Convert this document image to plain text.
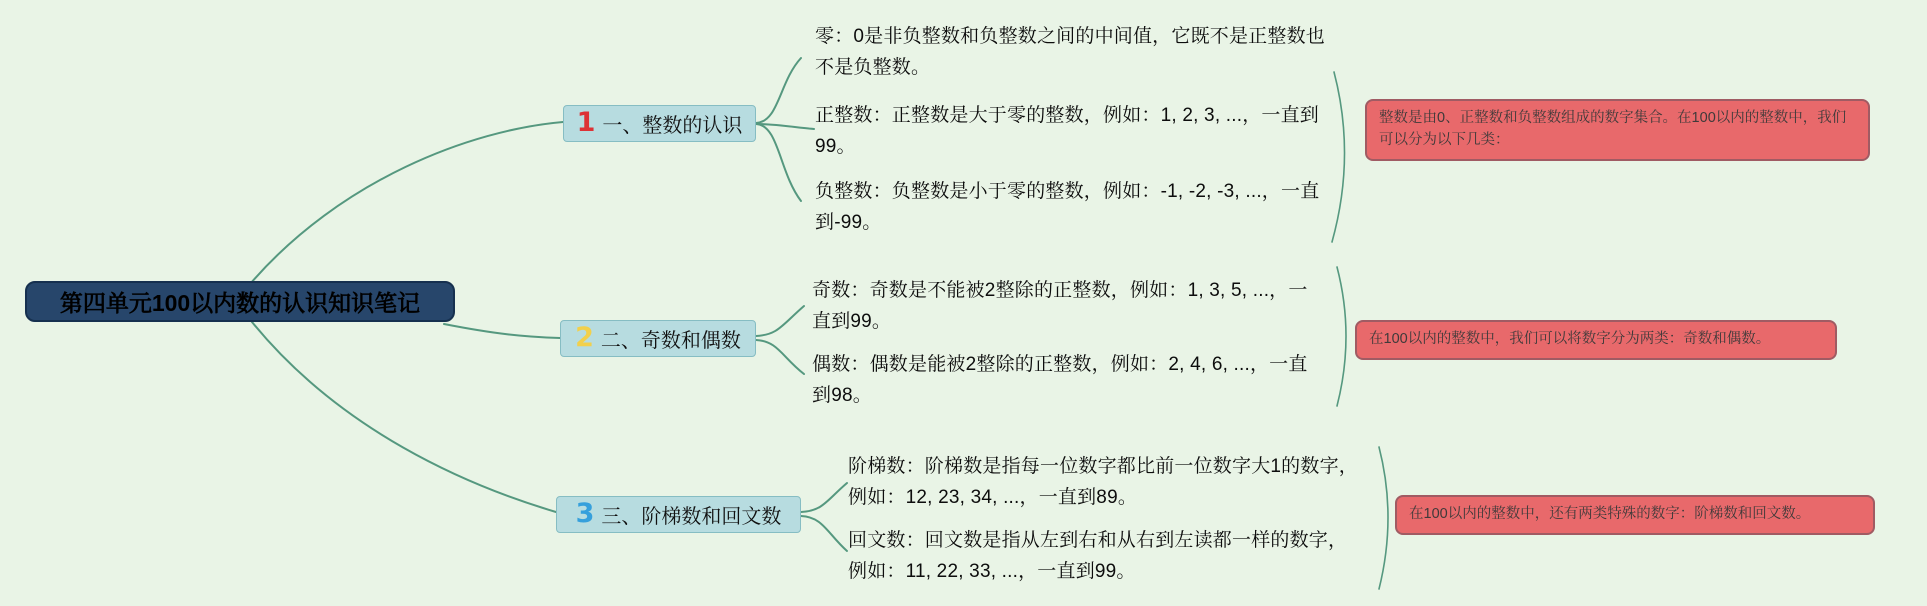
第四单元100以内数的认识知识笔记
1 一、整数的认识
2 二、奇数和偶数
3 三、阶梯数和回文数
零：0是非负整数和负整数之间的中间值，它既不是正整数也不是负整数。
正整数：正整数是大于零的整数，例如：1, 2, 3, ...，一直到99。
负整数：负整数是小于零的整数，例如：-1, -2, -3, ...，一直到-99。
奇数：奇数是不能被2整除的正整数，例如：1, 3, 5, ...，一直到99。
偶数：偶数是能被2整除的正整数，例如：2, 4, 6, ...，一直到98。
阶梯数：阶梯数是指每一位数字都比前一位数字大1的数字，例如：12, 23, 34, ...，一直到89。
回文数：回文数是指从左到右和从右到左读都一样的数字，例如：11, 22, 33, ...，一直到99。
整数是由0、正整数和负整数组成的数字集合。在100以内的整数中，我们可以分为以下几类：
在100以内的整数中，我们可以将数字分为两类：奇数和偶数。
在100以内的整数中，还有两类特殊的数字：阶梯数和回文数。
